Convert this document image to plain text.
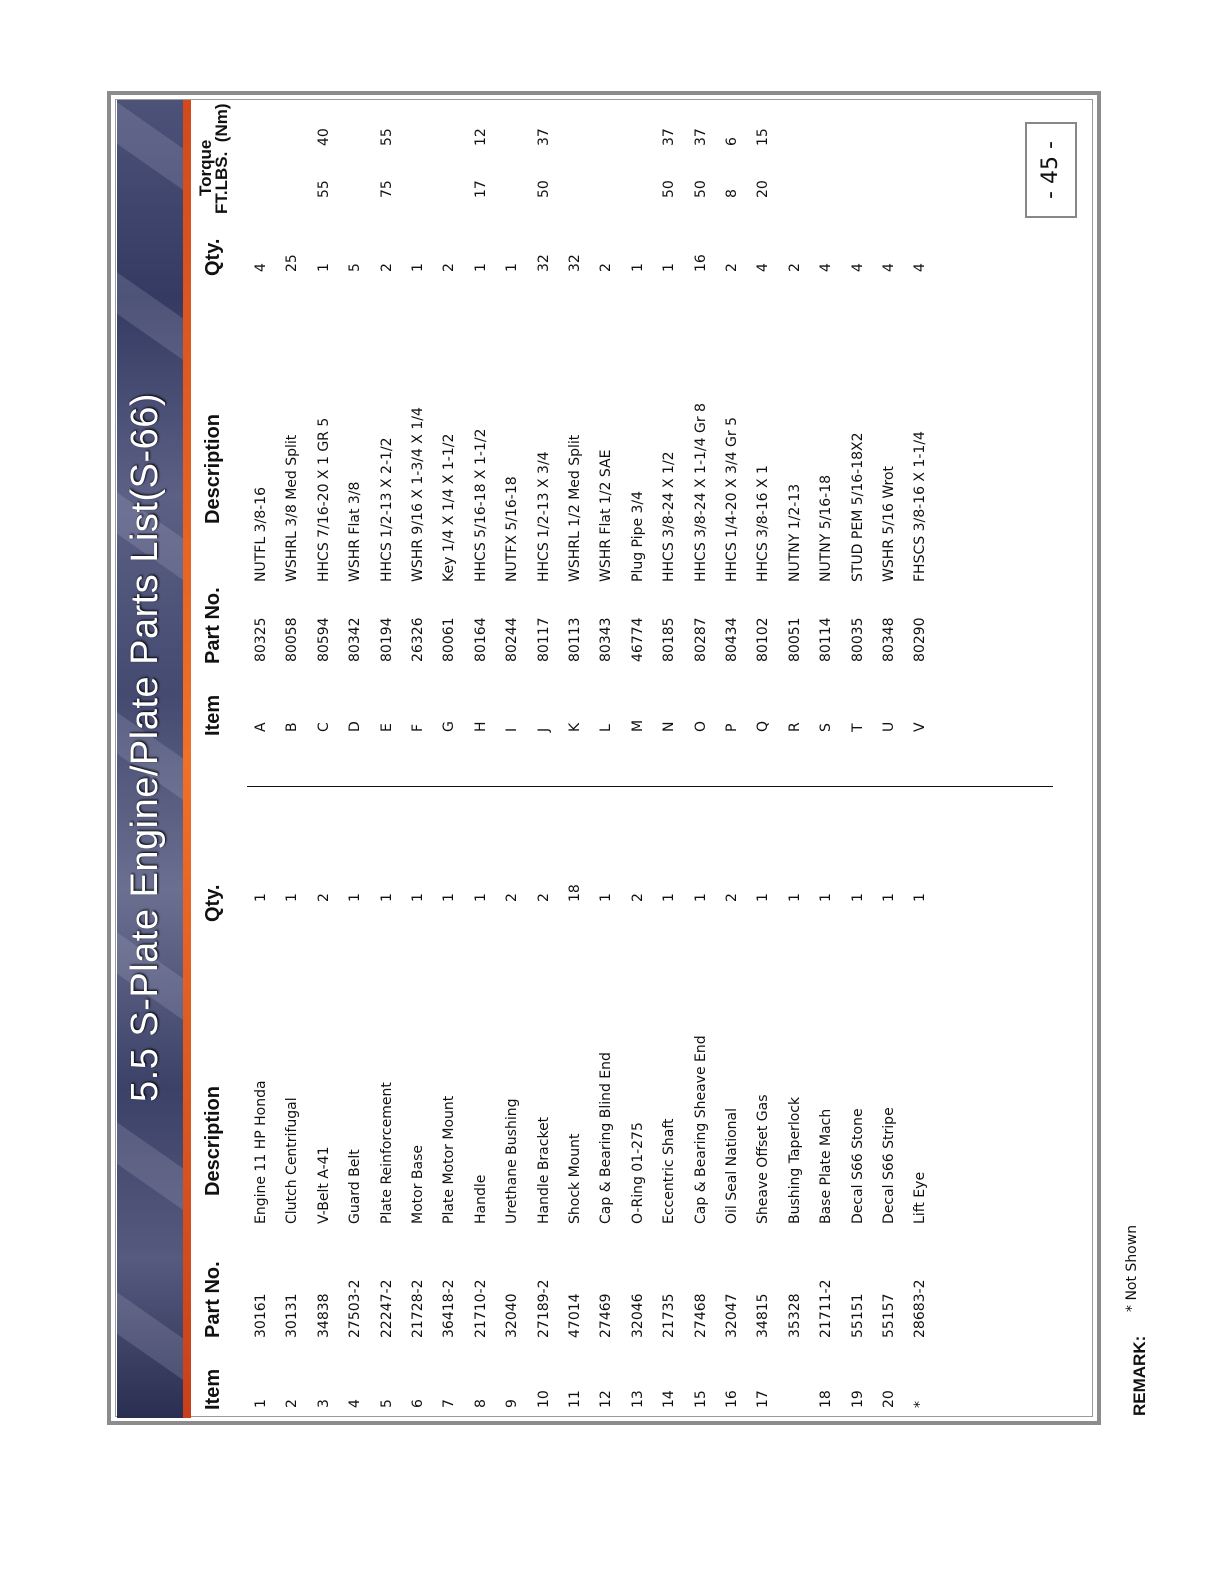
5.5 S-Plate Engine/Plate Parts List(S-66)
Item
Part No.
Description
Qty.
Item
Part No.
Description
Qty.
Torque
FT.LBS.  (Nm)
1
30161
Engine 11 HP Honda
1
2
30131
Clutch Centrifugal
1
3
34838
V-Belt A-41
2
4
27503-2
Guard Belt
1
5
22247-2
Plate Reinforcement
1
6
21728-2
Motor Base
1
7
36418-2
Plate Motor Mount
1
8
21710-2
Handle
1
9
32040
Urethane Bushing
2
10
27189-2
Handle Bracket
2
11
47014
Shock Mount
18
12
27469
Cap & Bearing Blind End
1
13
32046
O-Ring 01-275
2
14
21735
Eccentric Shaft
1
15
27468
Cap & Bearing Sheave End
1
16
32047
Oil Seal National
2
17
34815
Sheave Offset Gas
1
35328
Bushing Taperlock
1
18
21711-2
Base Plate Mach
1
19
55151
Decal S66 Stone
1
20
55157
Decal S66 Stripe
1
*
28683-2
Lift Eye
1
A
80325
NUTFL 3/8-16
4
B
80058
WSHRL 3/8 Med Split
25
C
80594
HHCS 7/16-20 X 1 GR 5
1
55
40
D
80342
WSHR Flat 3/8
5
E
80194
HHCS 1/2-13 X 2-1/2
2
75
55
F
26326
WSHR 9/16 X 1-3/4 X 1/4
1
G
80061
Key 1/4 X 1/4 X 1-1/2
2
H
80164
HHCS 5/16-18 X 1-1/2
1
17
12
I
80244
NUTFX 5/16-18
1
J
80117
HHCS 1/2-13 X 3/4
32
50
37
K
80113
WSHRL 1/2 Med Split
32
L
80343
WSHR Flat 1/2 SAE
2
M
46774
Plug Pipe 3/4
1
N
80185
HHCS 3/8-24 X 1/2
1
50
37
O
80287
HHCS 3/8-24 X 1-1/4 Gr 8
16
50
37
P
80434
HHCS 1/4-20 X 3/4 Gr 5
2
8
6
Q
80102
HHCS 3/8-16 X 1
4
20
15
R
80051
NUTNY 1/2-13
2
S
80114
NUTNY 5/16-18
4
T
80035
STUD PEM 5/16-18X2
4
U
80348
WSHR 5/16 Wrot
4
V
80290
FHSCS 3/8-16 X 1-1/4
4
REMARK:
* Not Shown
- 45 -
